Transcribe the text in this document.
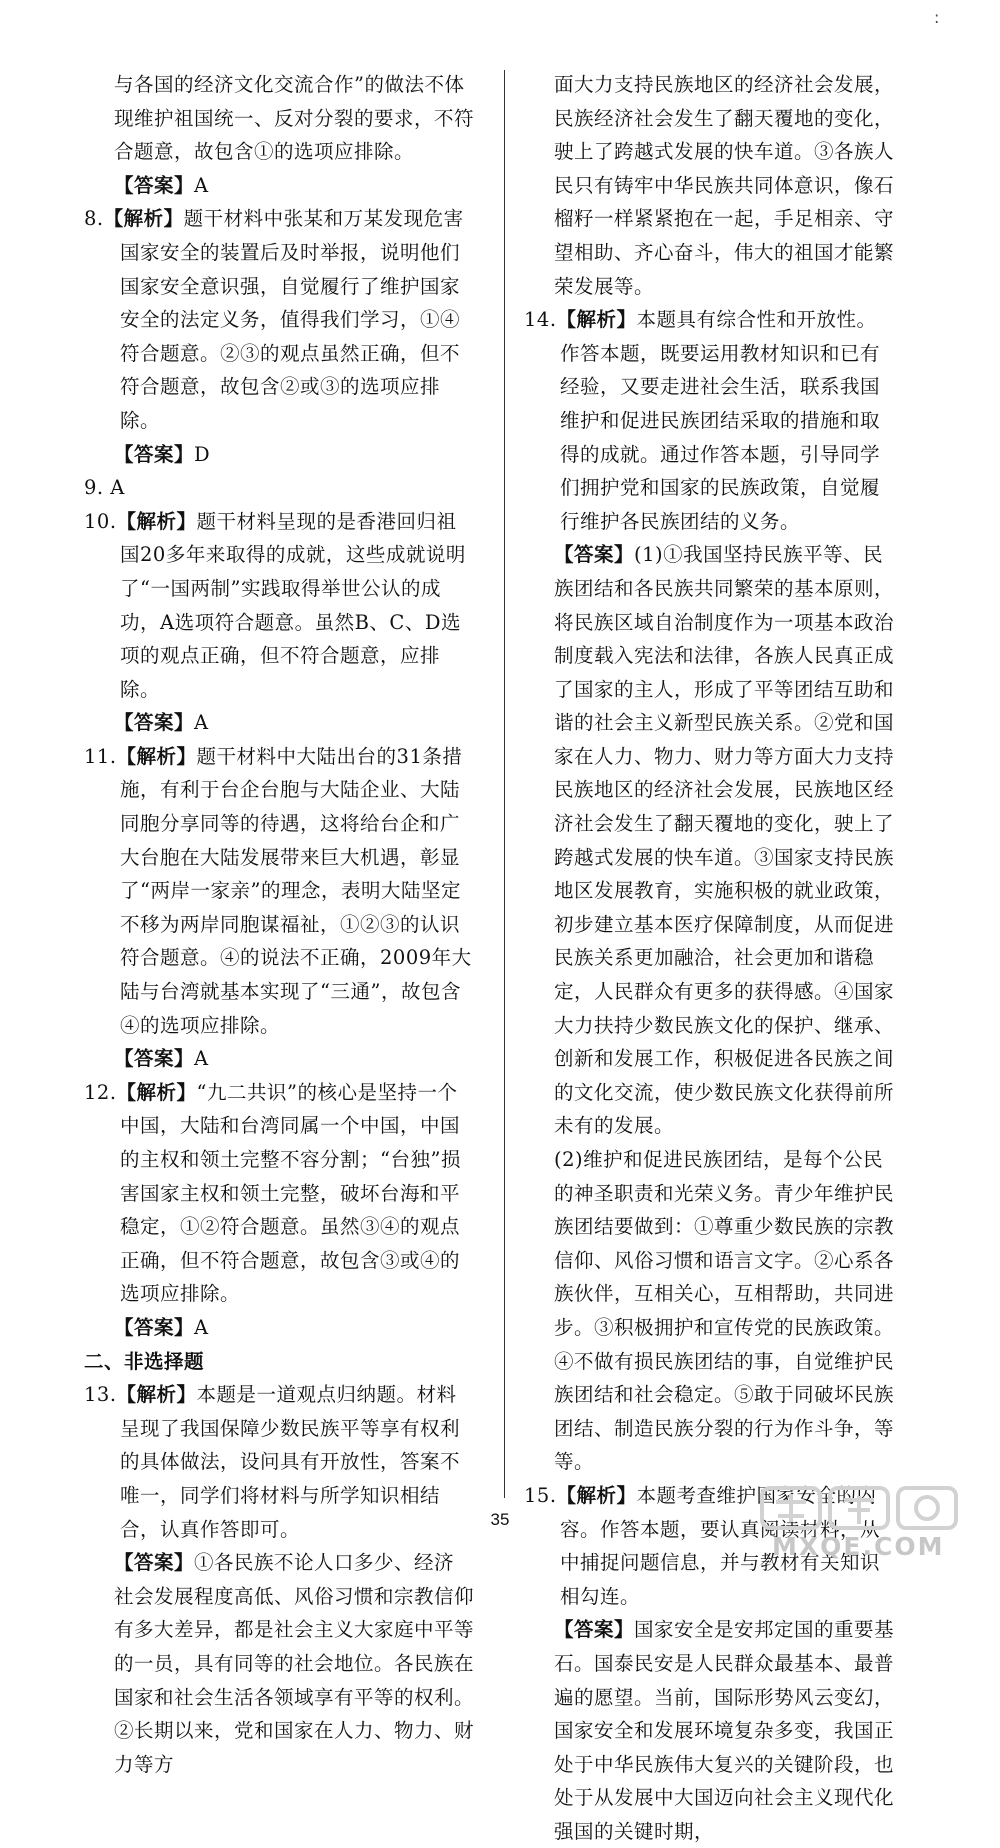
:

与各国的经济文化交流合作”的做法不体现维护祖国统一、反对分裂的要求，不符合题意，故包含①的选项应排除。

【答案】A

8.【解析】题干材料中张某和万某发现危害国家安全的装置后及时举报，说明他们国家安全意识强，自觉履行了维护国家安全的法定义务，值得我们学习，①④符合题意。②③的观点虽然正确，但不符合题意，故包含②或③的选项应排除。

【答案】D

9. A

10.【解析】题干材料呈现的是香港回归祖国20多年来取得的成就，这些成就说明了“一国两制”实践取得举世公认的成功，A选项符合题意。虽然B、C、D选项的观点正确，但不符合题意，应排除。

【答案】A

11.【解析】题干材料中大陆出台的31条措施，有利于台企台胞与大陆企业、大陆同胞分享同等的待遇，这将给台企和广大台胞在大陆发展带来巨大机遇，彰显了“两岸一家亲”的理念，表明大陆坚定不移为两岸同胞谋福祉，①②③的认识符合题意。④的说法不正确，2009年大陆与台湾就基本实现了“三通”，故包含④的选项应排除。

【答案】A

12.【解析】“九二共识”的核心是坚持一个中国，大陆和台湾同属一个中国，中国的主权和领土完整不容分割；“台独”损害国家主权和领土完整，破坏台海和平稳定，①②符合题意。虽然③④的观点正确，但不符合题意，故包含③或④的选项应排除。

【答案】A

二、非选择题

13.【解析】本题是一道观点归纳题。材料呈现了我国保障少数民族平等享有权利的具体做法，设问具有开放性，答案不唯一，同学们将材料与所学知识相结合，认真作答即可。

【答案】①各民族不论人口多少、经济社会发展程度高低、风俗习惯和宗教信仰有多大差异，都是社会主义大家庭中平等的一员，具有同等的社会地位。各民族在国家和社会生活各领域享有平等的权利。②长期以来，党和国家在人力、物力、财力等方

面大力支持民族地区的经济社会发展，民族经济社会发生了翻天覆地的变化，驶上了跨越式发展的快车道。③各族人民只有铸牢中华民族共同体意识，像石榴籽一样紧紧抱在一起，手足相亲、守望相助、齐心奋斗，伟大的祖国才能繁荣发展等。

14.【解析】本题具有综合性和开放性。作答本题，既要运用教材知识和已有经验，又要走进社会生活，联系我国维护和促进民族团结采取的措施和取得的成就。通过作答本题，引导同学们拥护党和国家的民族政策，自觉履行维护各民族团结的义务。

【答案】(1)①我国坚持民族平等、民族团结和各民族共同繁荣的基本原则，将民族区域自治制度作为一项基本政治制度载入宪法和法律，各族人民真正成了国家的主人，形成了平等团结互助和谐的社会主义新型民族关系。②党和国家在人力、物力、财力等方面大力支持民族地区的经济社会发展，民族地区经济社会发生了翻天覆地的变化，驶上了跨越式发展的快车道。③国家支持民族地区发展教育，实施积极的就业政策，初步建立基本医疗保障制度，从而促进民族关系更加融洽，社会更加和谐稳定，人民群众有更多的获得感。④国家大力扶持少数民族文化的保护、继承、创新和发展工作，积极促进各民族之间的文化交流，使少数民族文化获得前所未有的发展。

(2)维护和促进民族团结，是每个公民的神圣职责和光荣义务。青少年维护民族团结要做到：①尊重少数民族的宗教信仰、风俗习惯和语言文字。②心系各族伙伴，互相关心，互相帮助，共同进步。③积极拥护和宣传党的民族政策。④不做有损民族团结的事，自觉维护民族团结和社会稳定。⑤敢于同破坏民族团结、制造民族分裂的行为作斗争，等等。

15.【解析】本题考查维护国家安全的内容。作答本题，要认真阅读材料，从中捕捉问题信息，并与教材有关知识相勾连。

【答案】国家安全是安邦定国的重要基石。国泰民安是人民群众最基本、最普遍的愿望。当前，国际形势风云变幻，国家安全和发展环境复杂多变，我国正处于中华民族伟大复兴的关键阶段，也处于从发展中大国迈向社会主义现代化强国的关键时期，

35
MXQE.COM
